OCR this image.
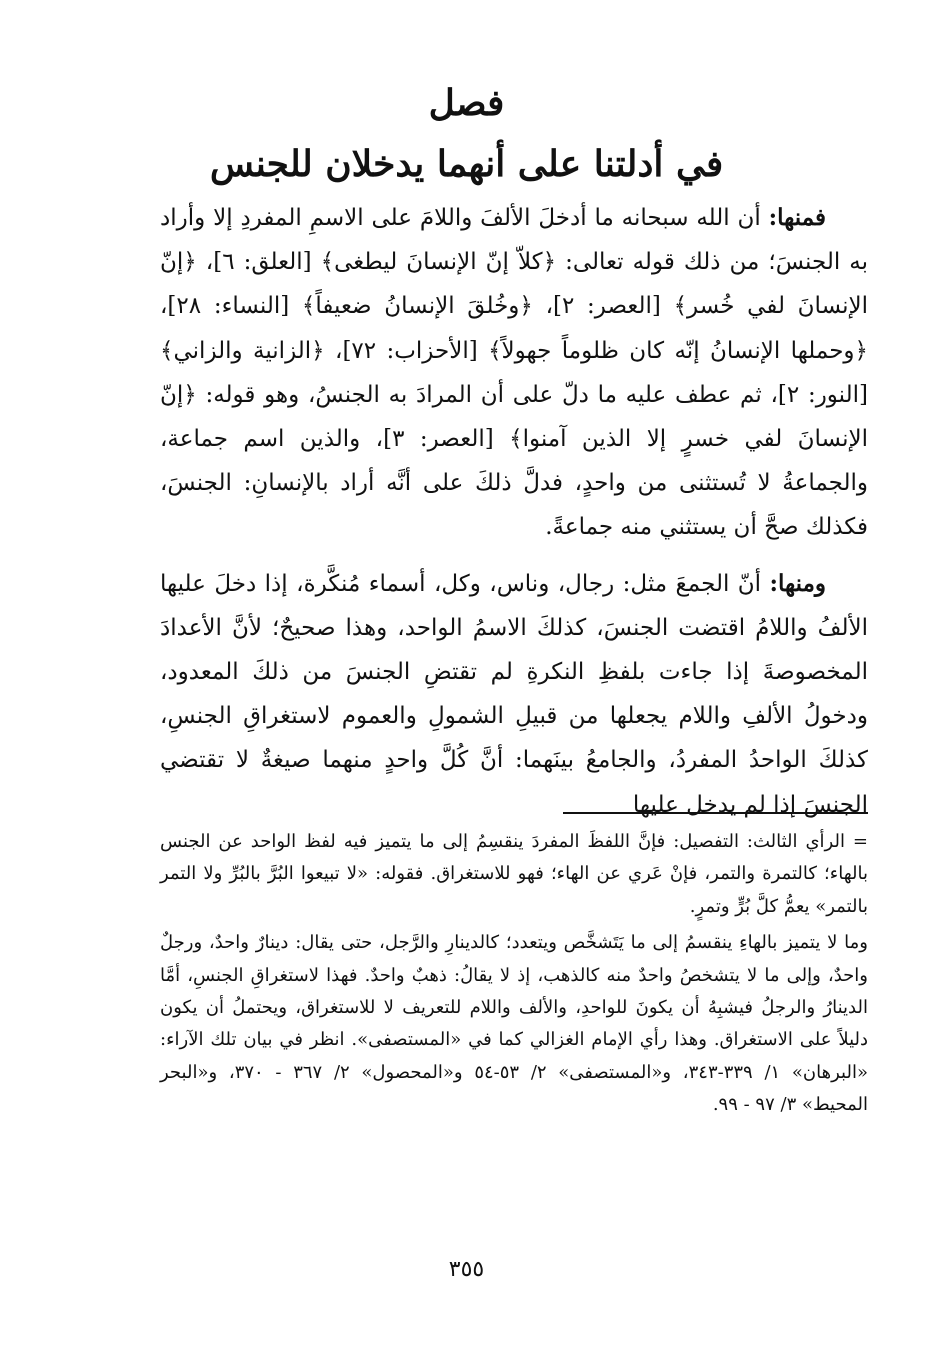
فصل
في أدلتنا على أنهما يدخلان للجنس

فمنها: أن الله سبحانه ما أدخلَ الألفَ واللامَ على الاسمِ المفردِ إلا وأراد به الجنسَ؛ من ذلك قوله تعالى: ﴿كلاّ إنّ الإنسانَ ليطغى﴾ [العلق: ٦]، ﴿إنّ الإنسانَ لفي خُسر﴾ [العصر: ٢]، ﴿وخُلقَ الإنسانُ ضعيفاً﴾ [النساء: ٢٨]، ﴿وحملها الإنسانُ إنّه كان ظلوماً جهولاً﴾ [الأحزاب: ٧٢]، ﴿الزانية والزاني﴾ [النور: ٢]، ثم عطف عليه ما دلّ على أن المرادَ به الجنسُ، وهو قوله: ﴿إنّ الإنسانَ لفي خسرٍ إلا الذين آمنوا﴾ [العصر: ٣]، والذين اسم جماعة، والجماعةُ لا تُستثنى من واحدٍ، فدلَّ ذلكَ على أنَّه أراد بالإنسانِ: الجنسَ، فكذلك صحَّ أن يستثني منه جماعةً.

ومنها: أنّ الجمعَ مثل: رجال، وناس، وكل، أسماء مُنكَّرة، إذا دخلَ عليها الألفُ واللامُ اقتضت الجنسَ، كذلكَ الاسمُ الواحد، وهذا صحيحٌ؛ لأنَّ الأعدادَ المخصوصةَ إذا جاءت بلفظِ النكرةِ لم تقتضِ الجنسَ من ذلكَ المعدود، ودخولُ الألفِ واللام يجعلها من قبيلِ الشمولِ والعموم لاستغراقِ الجنسِ، كذلكَ الواحدُ المفردُ، والجامعُ بينَهما: أنَّ كُلَّ واحدٍ منهما صيغةٌ لا تقتضي الجنسَ إذا لم يدخل عليها

= الرأي الثالث: التفصيل: فإنَّ اللفظَ المفردَ ينقسِمُ إلى ما يتميز فيه لفظ الواحد عن الجنس بالهاء؛ كالتمرة والتمر، فإنْ عَري عن الهاء؛ فهو للاستغراق. فقوله: «لا تبيعوا البُرَّ بالبُرِّ ولا التمر بالتمر» يعمُّ كلَّ بُرٍّ وتمرٍ.

وما لا يتميز بالهاءِ ينقسمُ إلى ما يَتَشخَّص ويتعدد؛ كالدينارِ والرَّجل، حتى يقال: دينارٌ واحدٌ، ورجلٌ واحدٌ، وإلى ما لا يتشخصُ واحدٌ منه كالذهب، إذ لا يقالُ: ذهبٌ واحدٌ. فهذا لاستغراقِ الجنسِ، أمَّا الدينارُ والرجلُ فيشبِهُ أن يكونَ للواحدِ، والألف واللام للتعريف لا للاستغراق، ويحتملُ أن يكون دليلاً على الاستغراق. وهذا رأي الإمام الغزالي كما في «المستصفى». انظر في بيان تلك الآراء: «البرهان» ١/ ٣٣٩-٣٤٣، و«المستصفى» ٢/ ٥٣-٥٤ و«المحصول» ٢/ ٣٦٧ - ٣٧٠، و«البحر المحيط» ٣/ ٩٧ - ٩٩.

٣٥٥
